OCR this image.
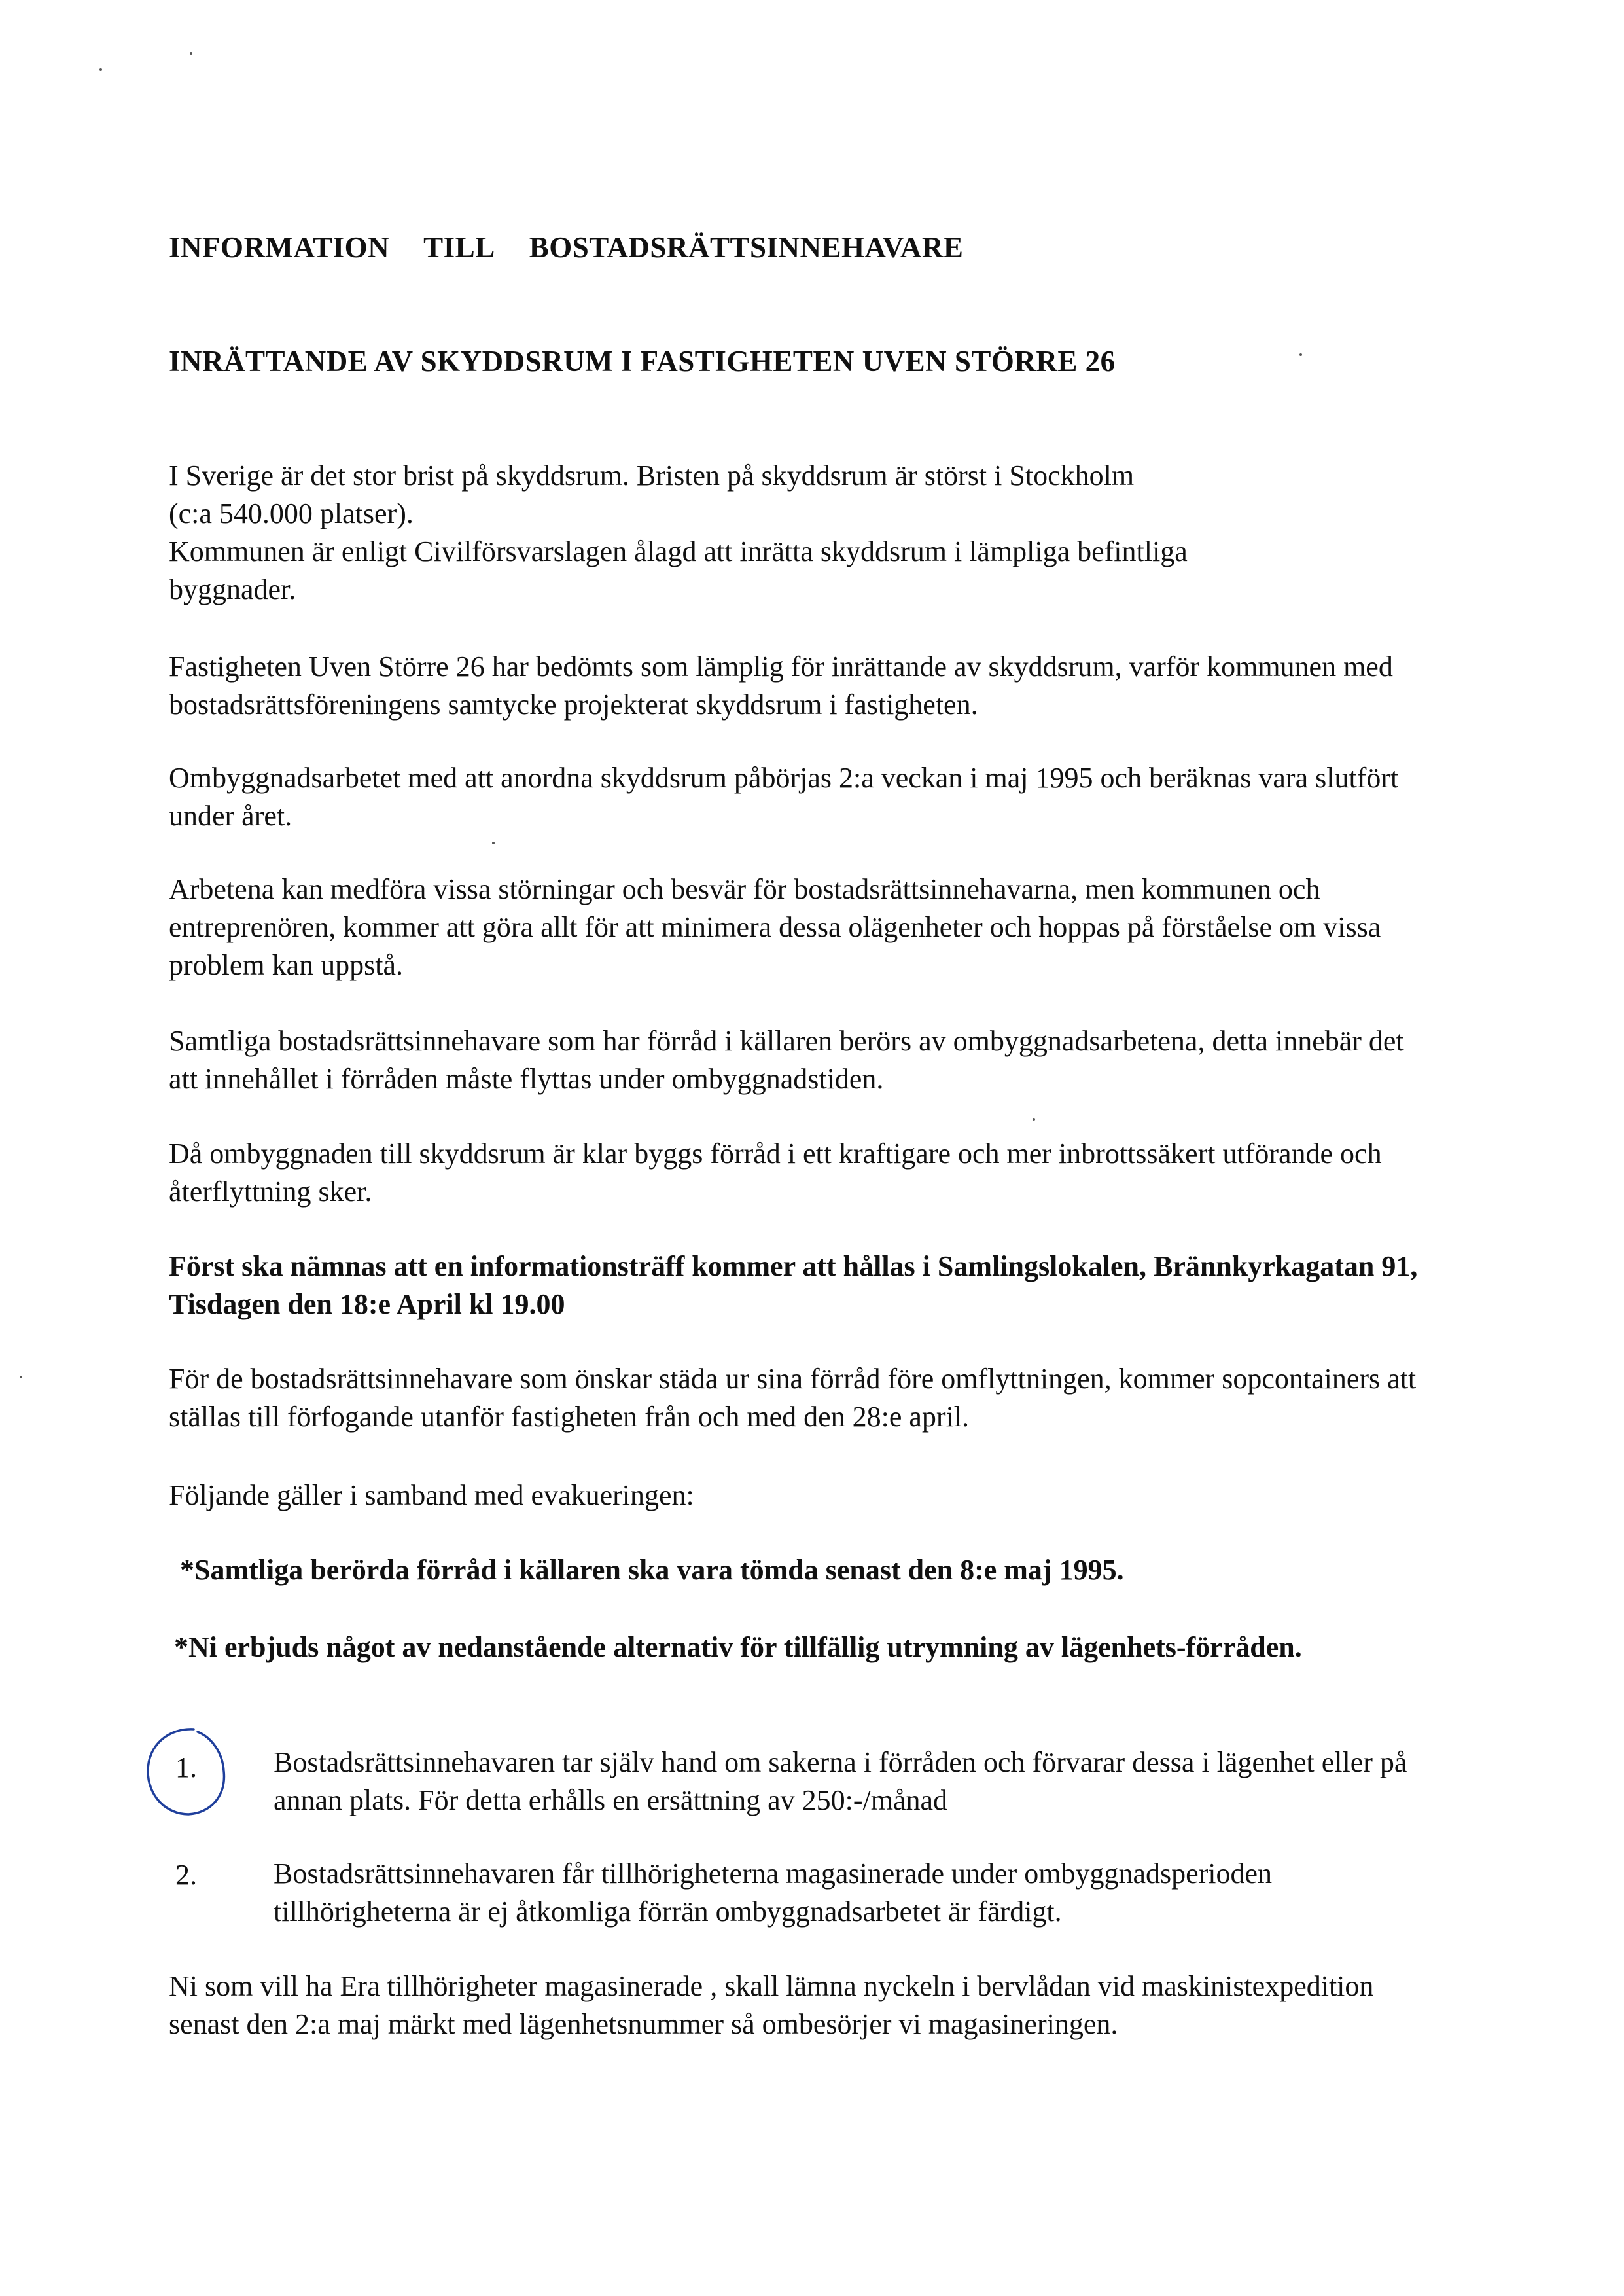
INFORMATION TILL BOSTADSRÄTTSINNEHAVARE
INRÄTTANDE AV SKYDDSRUM I FASTIGHETEN UVEN STÖRRE 26
I Sverige är det stor brist på skyddsrum. Bristen på skyddsrum är störst i Stockholm
(c:a 540.000 platser).
Kommunen är enligt Civilförsvarslagen ålagd att inrätta skyddsrum i lämpliga befintliga
byggnader.

Fastigheten Uven Större 26 har bedömts som lämplig för inrättande av skyddsrum, varför kommunen med bostadsrättsföreningens samtycke projekterat skyddsrum i fastigheten.

Ombyggnadsarbetet med att anordna skyddsrum påbörjas 2:a veckan i maj 1995 och beräknas vara slutfört under året.

Arbetena kan medföra vissa störningar och besvär för bostadsrättsinnehavarna, men kommunen och entreprenören, kommer att göra allt för att minimera dessa olägenheter och hoppas på förståelse om vissa problem kan uppstå.

Samtliga bostadsrättsinnehavare som har förråd i källaren berörs av ombyggnadsarbetena, detta innebär det att innehållet i förråden måste flyttas under ombyggnadstiden.

Då ombyggnaden till skyddsrum är klar byggs förråd i ett kraftigare och mer inbrottssäkert utförande och återflyttning sker.

Först ska nämnas att en informationsträff kommer att hållas i Samlingslokalen, Brännkyrkagatan 91, Tisdagen den 18:e April kl 19.00

För de bostadsrättsinnehavare som önskar städa ur sina förråd före omflyttningen, kommer sopcontainers att ställas till förfogande utanför fastigheten från och med den 28:e april.

Följande gäller i samband med evakueringen:

*Samtliga berörda förråd i källaren ska vara tömda senast den 8:e maj 1995.

*Ni erbjuds något av nedanstående alternativ för tillfällig utrymning av lägenhets-förråden.

1.	Bostadsrättsinnehavaren tar själv hand om sakerna i förråden och förvarar dessa i lägenhet eller på annan plats. För detta erhålls en ersättning av 250:-/månad

2.	Bostadsrättsinnehavaren får tillhörigheterna magasinerade under ombyggnadsperioden tillhörigheterna är ej åtkomliga förrän ombyggnadsarbetet är färdigt.

Ni som vill ha Era tillhörigheter magasinerade , skall lämna nyckeln i bervlådan vid maskinistexpedition senast den 2:a maj märkt med lägenhetsnummer så ombesörjer vi magasineringen.
